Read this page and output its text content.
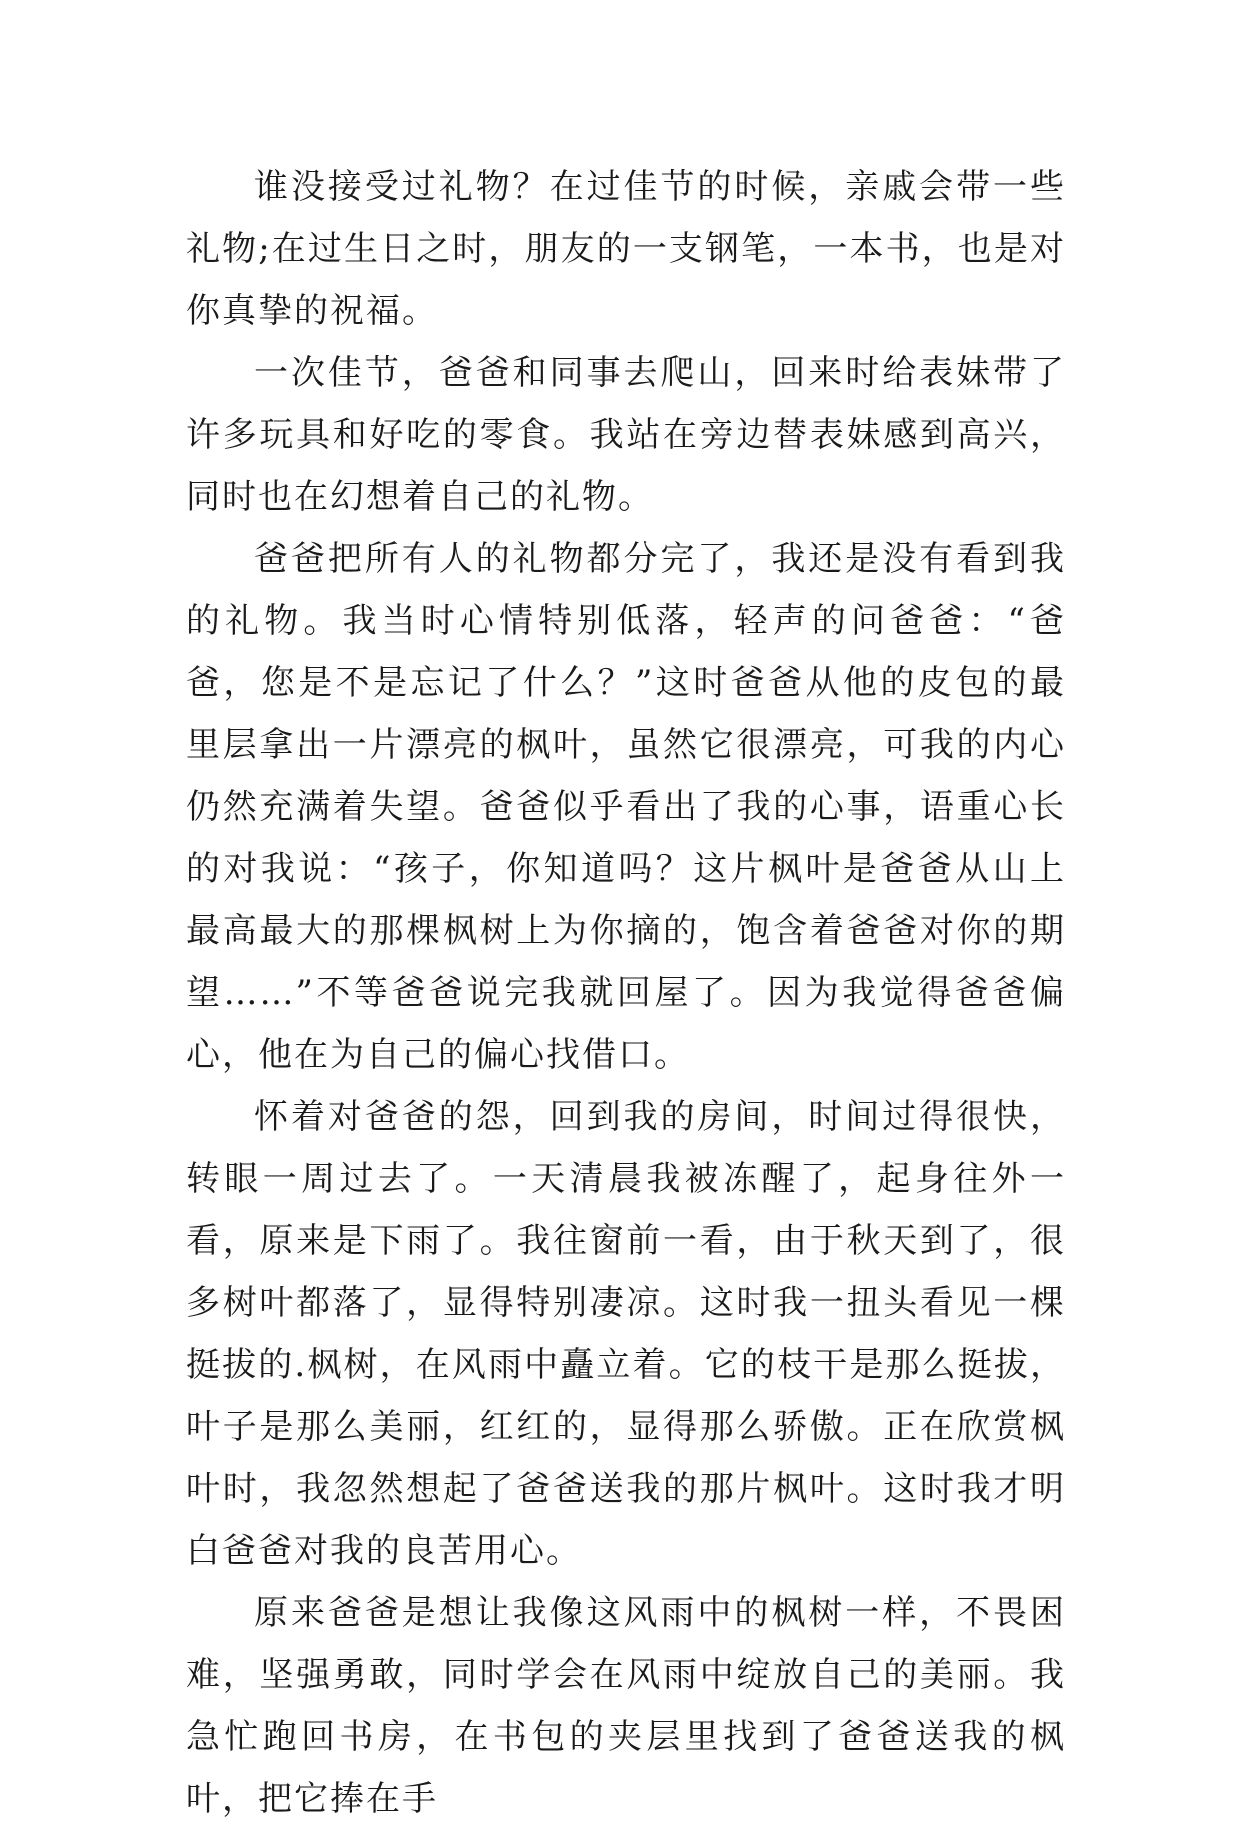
谁没接受过礼物？在过佳节的时候，亲戚会带一些礼物;在过生日之时，朋友的一支钢笔，一本书，也是对你真挚的祝福。

一次佳节，爸爸和同事去爬山，回来时给表妹带了许多玩具和好吃的零食。我站在旁边替表妹感到高兴，同时也在幻想着自己的礼物。

爸爸把所有人的礼物都分完了，我还是没有看到我的礼物。我当时心情特别低落，轻声的问爸爸：“爸爸，您是不是忘记了什么？”这时爸爸从他的皮包的最里层拿出一片漂亮的枫叶，虽然它很漂亮，可我的内心仍然充满着失望。爸爸似乎看出了我的心事，语重心长的对我说：“孩子，你知道吗？这片枫叶是爸爸从山上最高最大的那棵枫树上为你摘的，饱含着爸爸对你的期望……”不等爸爸说完我就回屋了。因为我觉得爸爸偏心，他在为自己的偏心找借口。

怀着对爸爸的怨，回到我的房间，时间过得很快，转眼一周过去了。一天清晨我被冻醒了，起身往外一看，原来是下雨了。我往窗前一看，由于秋天到了，很多树叶都落了，显得特别凄凉。这时我一扭头看见一棵挺拔的.枫树，在风雨中矗立着。它的枝干是那么挺拔，叶子是那么美丽，红红的，显得那么骄傲。正在欣赏枫叶时，我忽然想起了爸爸送我的那片枫叶。这时我才明白爸爸对我的良苦用心。

原来爸爸是想让我像这风雨中的枫树一样，不畏困难，坚强勇敢，同时学会在风雨中绽放自己的美丽。我急忙跑回书房，在书包的夹层里找到了爸爸送我的枫叶，把它捧在手
